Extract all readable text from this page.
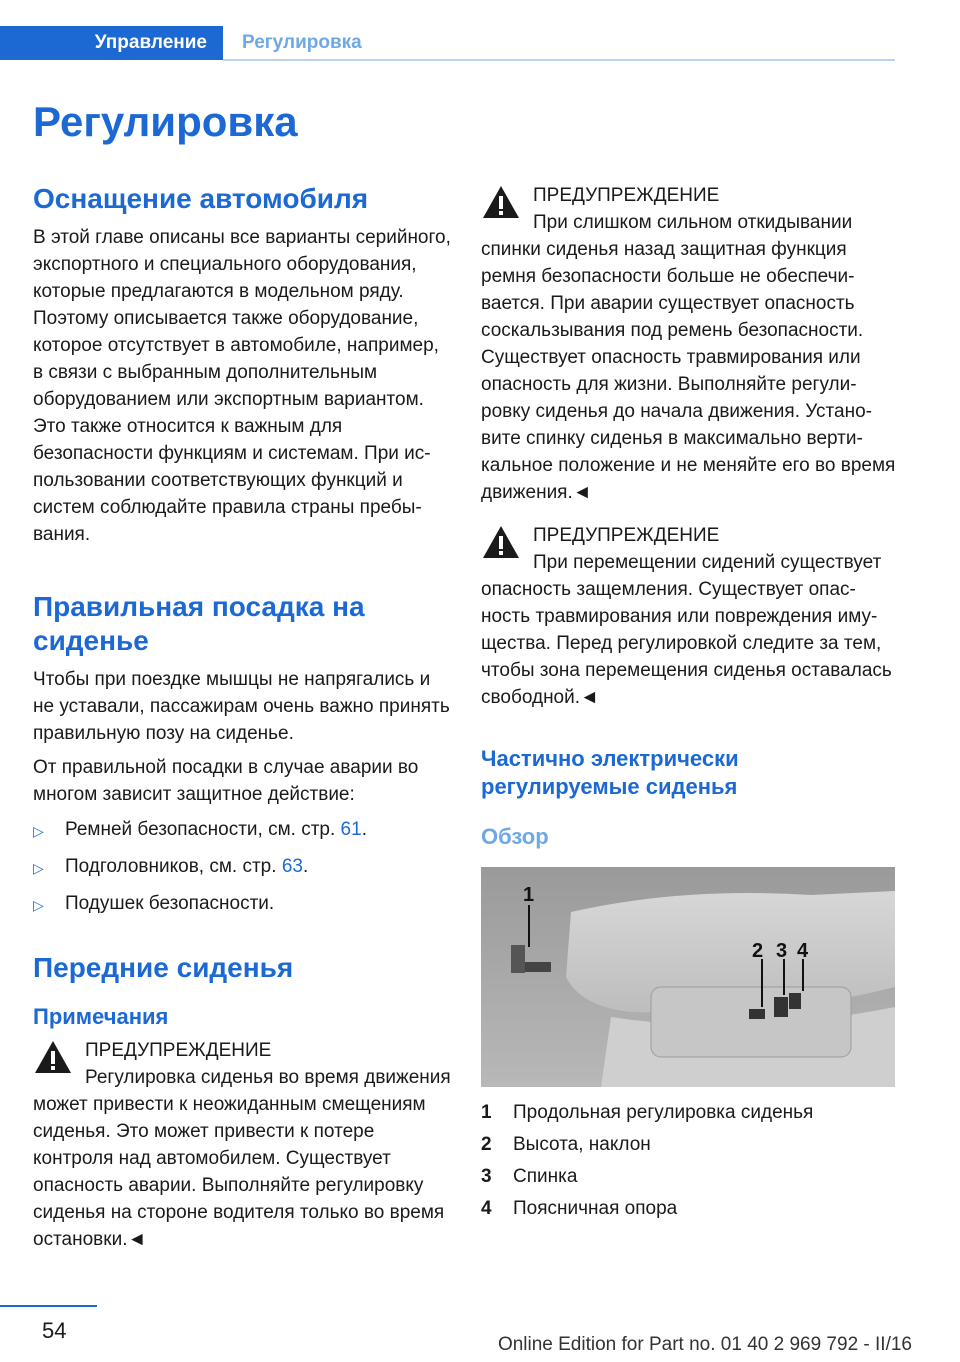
Управление	Регулировка
Регулировка
Оснащение автомобиля

В этой главе описаны все варианты серийного, экспортного и специального оборудования, которые предлагаются в модельном ряду. Поэтому описывается также оборудование, которое отсутствует в автомобиле, например, в связи с выбранным дополнительным оборудованием или экспортным вариантом. Это также относится к важным для безопасности функциям и системам. При использовании соответствующих функций и систем соблюдайте правила страны пребывания.

Правильная посадка на сиденье

Чтобы при поездке мышцы не напрягались и не уставали, пассажирам очень важно принять правильную позу на сиденье.

От правильной посадки в случае аварии во многом зависит защитное действие:

▷ Ремней безопасности, см. стр. 61.
▷ Подголовников, см. стр. 63.
▷ Подушек безопасности.
Передние сиденья
Примечания
ПРЕДУПРЕЖДЕНИЕ
Регулировка сиденья во время движения может привести к неожиданным смещениям сиденья. Это может привести к потере контроля над автомобилем. Существует опасность аварии. Выполняйте регулировку сиденья на стороне водителя только во время остановки.◄
ПРЕДУПРЕЖДЕНИЕ
При слишком сильном откидывании спинки сиденья назад защитная функция ремня безопасности больше не обеспечивается. При аварии существует опасность соскальзывания под ремень безопасности. Существует опасность травмирования или опасность для жизни. Выполняйте регулировку сиденья до начала движения. Установите спинку сиденья в максимально вертикальное положение и не меняйте его во время движения.◄
ПРЕДУПРЕЖДЕНИЕ
При перемещении сидений существует опасность защемления. Существует опасность травмирования или повреждения имущества. Перед регулировкой следите за тем, чтобы зона перемещения сиденья оставалась свободной.◄
Частично электрически регулируемые сиденья
Обзор
1
2 3 4
1	Продольная регулировка сиденья
2	Высота, наклон
3	Спинка
4	Поясничная опора
54
Online Edition for Part no. 01 40 2 969 792 - II/16
